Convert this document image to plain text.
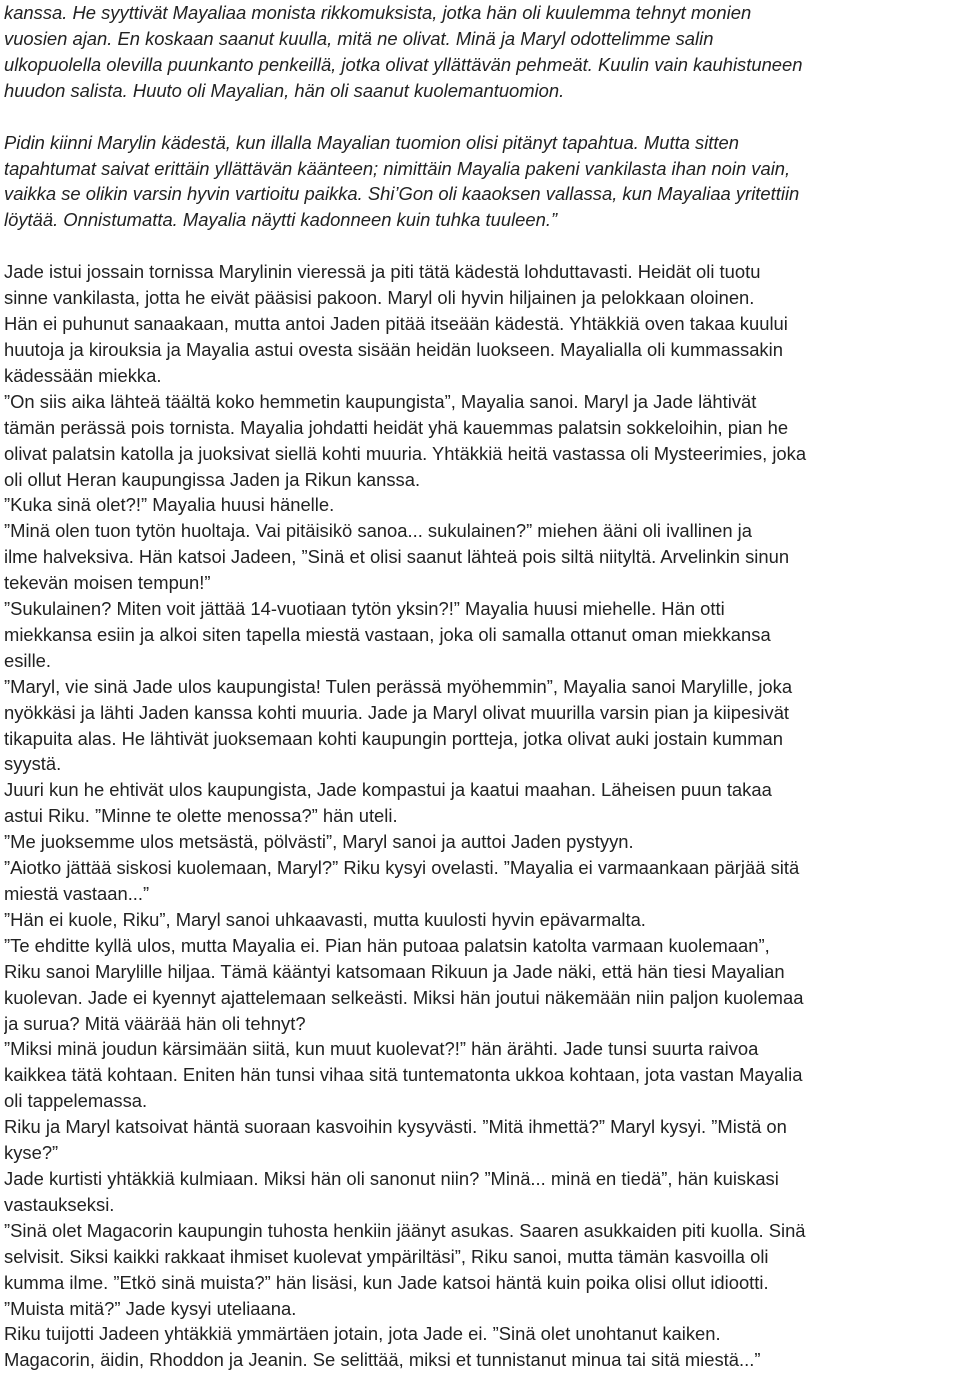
kanssa. He syyttivät Mayaliaa monista rikkomuksista, jotka hän oli kuulemma tehnyt monien
vuosien ajan. En koskaan saanut kuulla, mitä ne olivat. Minä ja Maryl odottelimme salin
ulkopuolella olevilla puunkanto penkeillä, jotka olivat yllättävän pehmeät. Kuulin vain kauhistuneen
huudon salista. Huuto oli Mayalian, hän oli saanut kuolemantuomion.
Pidin kiinni Marylin kädestä, kun illalla Mayalian tuomion olisi pitänyt tapahtua. Mutta sitten
tapahtumat saivat erittäin yllättävän käänteen; nimittäin Mayalia pakeni vankilasta ihan noin vain,
vaikka se olikin varsin hyvin vartioitu paikka. Shi’Gon oli kaaoksen vallassa, kun Mayaliaa yritettiin
löytää. Onnistumatta. Mayalia näytti kadonneen kuin tuhka tuuleen.”
Jade istui jossain tornissa Marylinin vieressä ja piti tätä kädestä lohduttavasti. Heidät oli tuotu
sinne vankilasta, jotta he eivät pääsisi pakoon. Maryl oli hyvin hiljainen ja pelokkaan oloinen.
Hän ei puhunut sanaakaan, mutta antoi Jaden pitää itseään kädestä. Yhtäkkiä oven takaa kuului
huutoja ja kirouksia ja Mayalia astui ovesta sisään heidän luokseen. Mayalialla oli kummassakin
kädessään miekka.
”On siis aika lähteä täältä koko hemmetin kaupungista”, Mayalia sanoi. Maryl ja Jade lähtivät
tämän perässä pois tornista. Mayalia johdatti heidät yhä kauemmas palatsin sokkeloihin, pian he
olivat palatsin katolla ja juoksivat siellä kohti muuria. Yhtäkkiä heitä vastassa oli Mysteerimies, joka
oli ollut Heran kaupungissa Jaden ja Rikun kanssa.
”Kuka sinä olet?!” Mayalia huusi hänelle.
”Minä olen tuon tytön huoltaja. Vai pitäisikö sanoa... sukulainen?” miehen ääni oli ivallinen ja
ilme halveksiva. Hän katsoi Jadeen, ”Sinä et olisi saanut lähteä pois siltä niityltä. Arvelinkin sinun
tekevän moisen tempun!”
”Sukulainen? Miten voit jättää 14-vuotiaan tytön yksin?!” Mayalia huusi miehelle. Hän otti
miekkansa esiin ja alkoi siten tapella miestä vastaan, joka oli samalla ottanut oman miekkansa
esille.
”Maryl, vie sinä Jade ulos kaupungista! Tulen perässä myöhemmin”, Mayalia sanoi Marylille, joka
nyökkäsi ja lähti Jaden kanssa kohti muuria. Jade ja Maryl olivat muurilla varsin pian ja kiipesivät
tikapuita alas. He lähtivät juoksemaan kohti kaupungin portteja, jotka olivat auki jostain kumman
syystä.
Juuri kun he ehtivät ulos kaupungista, Jade kompastui ja kaatui maahan. Läheisen puun takaa
astui Riku. ”Minne te olette menossa?” hän uteli.
”Me juoksemme ulos metsästä, pölvästi”, Maryl sanoi ja auttoi Jaden pystyyn.
”Aiotko jättää siskosi kuolemaan, Maryl?” Riku kysyi ovelasti. ”Mayalia ei varmaankaan pärjää sitä
miestä vastaan...”
”Hän ei kuole, Riku”, Maryl sanoi uhkaavasti, mutta kuulosti hyvin epävarmalta.
”Te ehditte kyllä ulos, mutta Mayalia ei. Pian hän putoaa palatsin katolta varmaan kuolemaan”,
Riku sanoi Marylille hiljaa. Tämä kääntyi katsomaan Rikuun ja Jade näki, että hän tiesi Mayalian
kuolevan. Jade ei kyennyt ajattelemaan selkeästi. Miksi hän joutui näkemään niin paljon kuolemaa
ja surua? Mitä väärää hän oli tehnyt?
”Miksi minä joudun kärsimään siitä, kun muut kuolevat?!” hän ärähti. Jade tunsi suurta raivoa
kaikkea tätä kohtaan. Eniten hän tunsi vihaa sitä tuntematonta ukkoa kohtaan, jota vastan Mayalia
oli tappelemassa.
Riku ja Maryl katsoivat häntä suoraan kasvoihin kysyvästi. ”Mitä ihmettä?” Maryl kysyi. ”Mistä on
kyse?”
Jade kurtisti yhtäkkiä kulmiaan. Miksi hän oli sanonut niin? ”Minä... minä en tiedä”, hän kuiskasi
vastaukseksi.
”Sinä olet Magacorin kaupungin tuhosta henkiin jäänyt asukas. Saaren asukkaiden piti kuolla. Sinä
selvisit. Siksi kaikki rakkaat ihmiset kuolevat ympäriltäsi”, Riku sanoi, mutta tämän kasvoilla oli
kumma ilme. ”Etkö sinä muista?” hän lisäsi, kun Jade katsoi häntä kuin poika olisi ollut idiootti.
”Muista mitä?” Jade kysyi uteliaana.
Riku tuijotti Jadeen yhtäkkiä ymmärtäen jotain, jota Jade ei. ”Sinä olet unohtanut kaiken.
Magacorin, äidin, Rhoddon ja Jeanin. Se selittää, miksi et tunnistanut minua tai sitä miestä...”
